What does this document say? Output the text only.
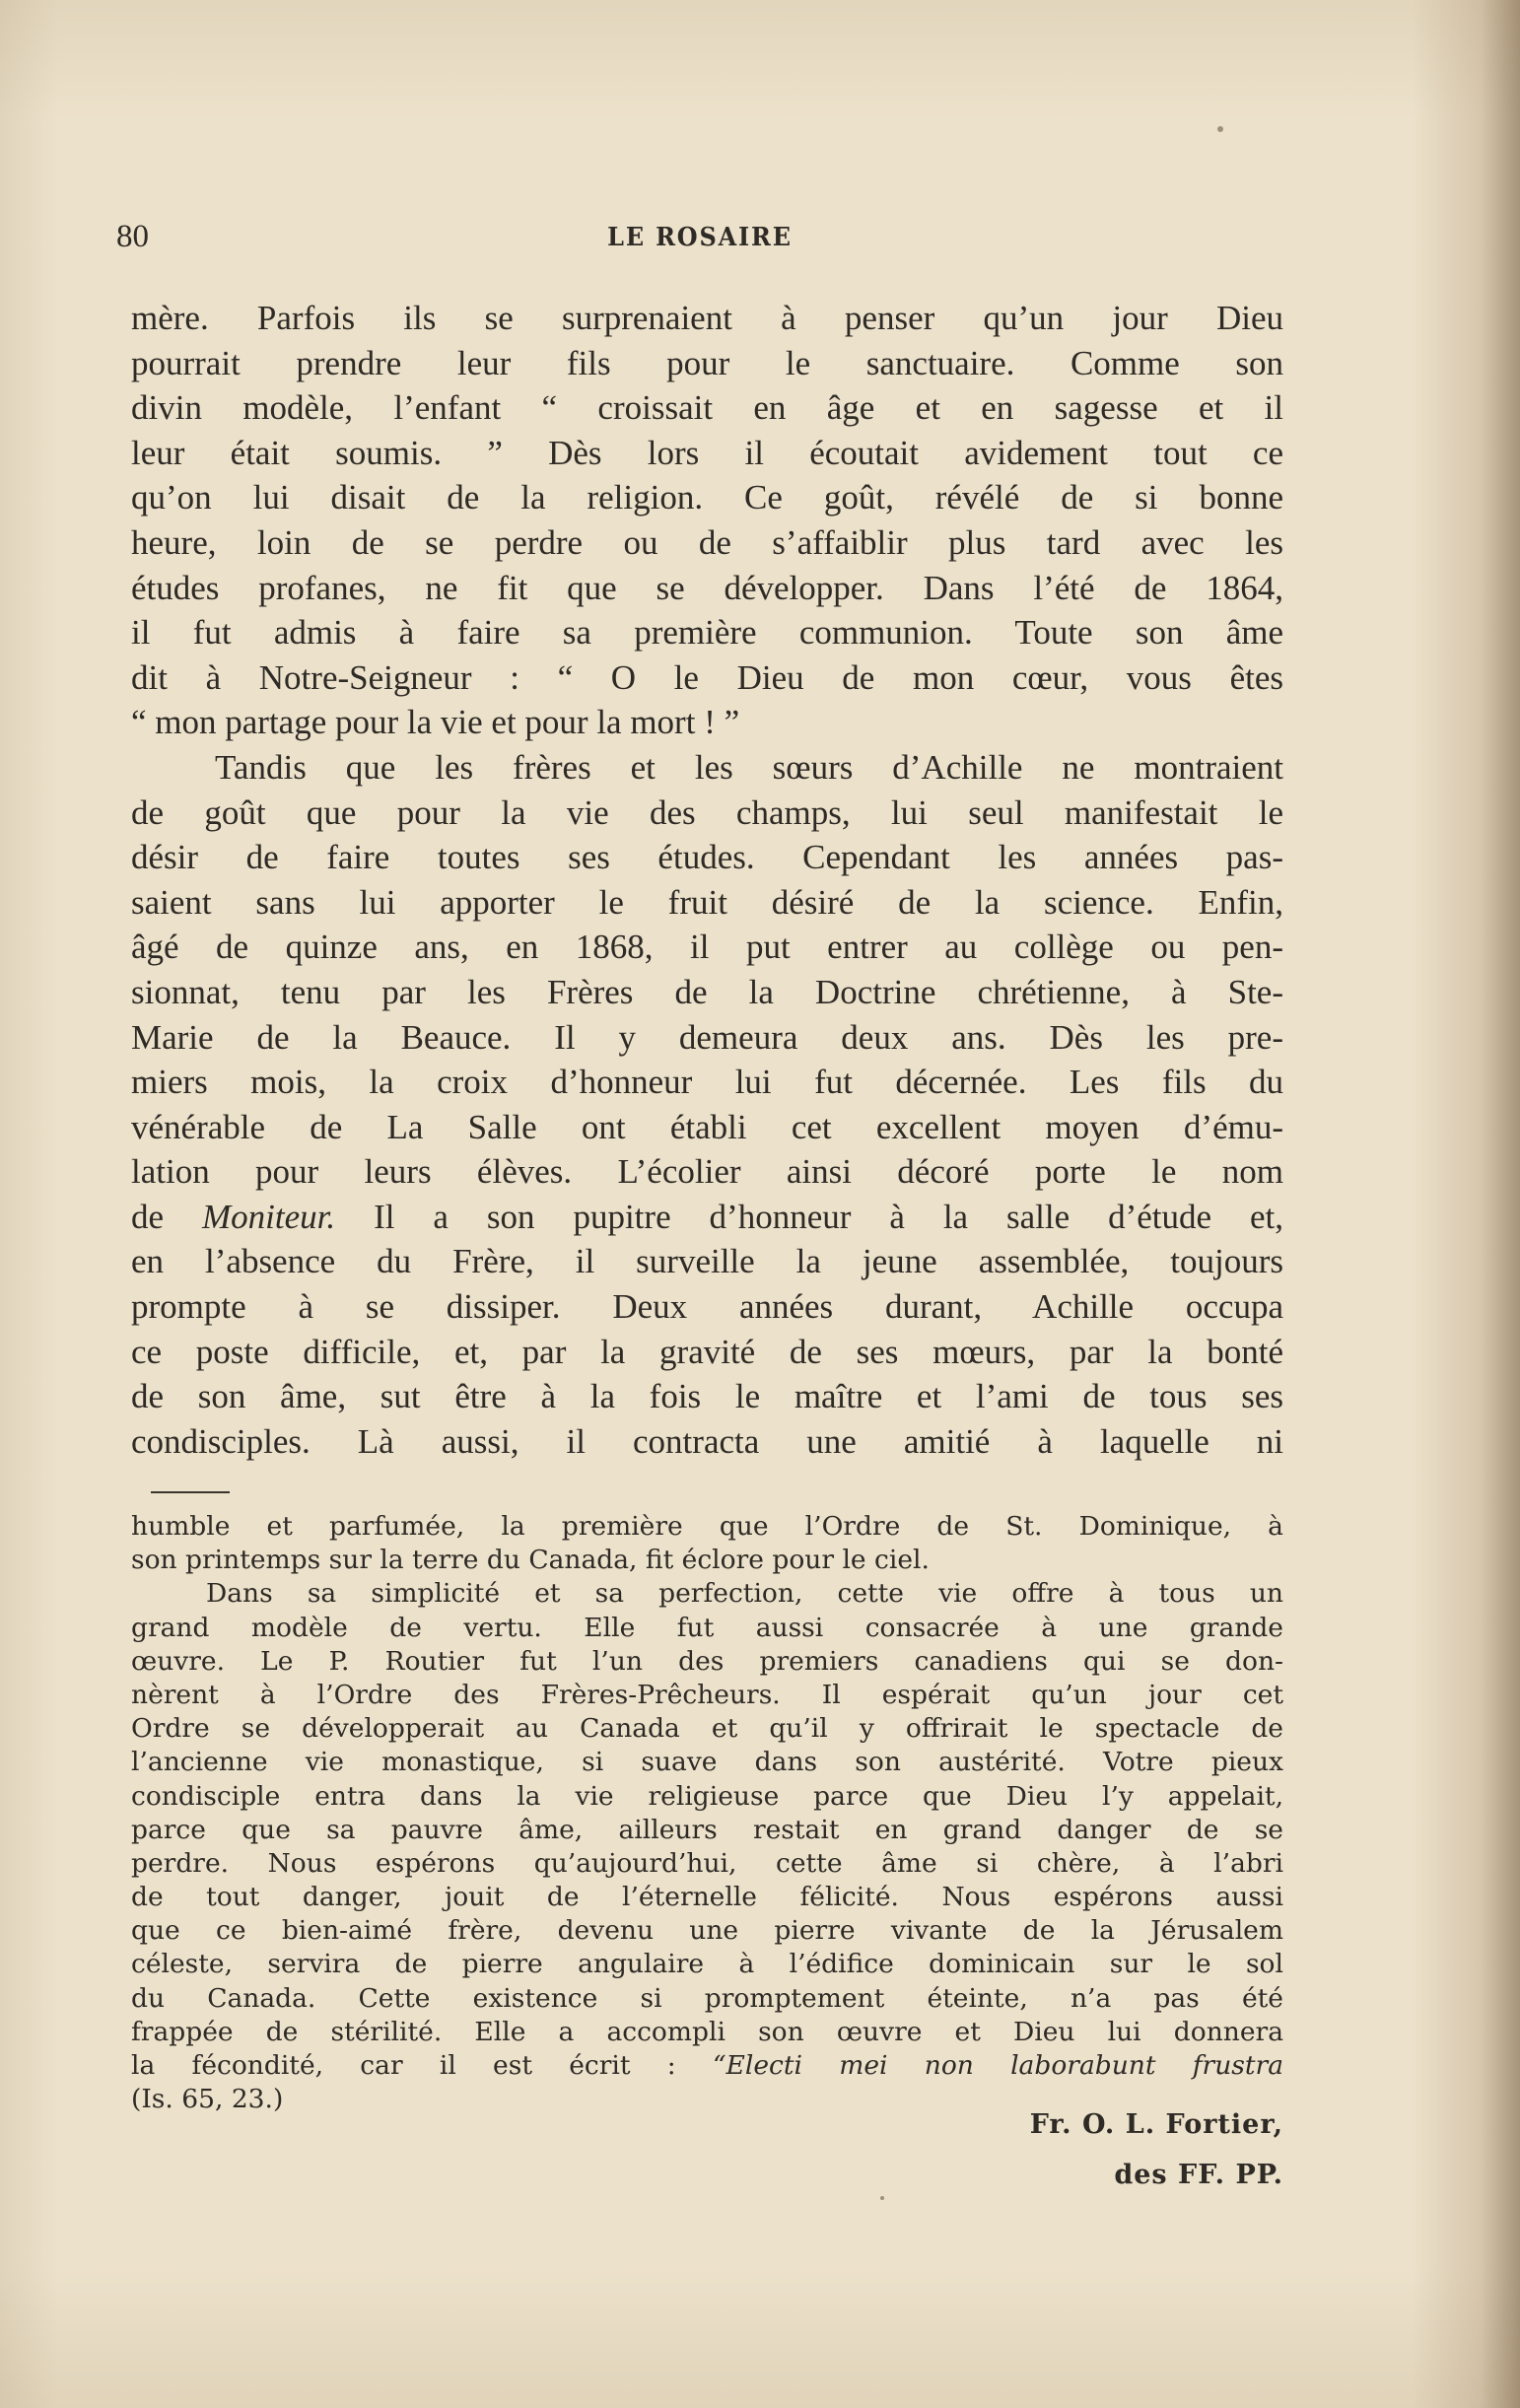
80	LE ROSAIRE
mère. Parfois ils se surprenaient à penser qu’un jour Dieu
pourrait prendre leur fils pour le sanctuaire. Comme son
divin modèle, l’enfant “ croissait en âge et en sagesse et il
leur était soumis. ” Dès lors il écoutait avidement tout ce
qu’on lui disait de la religion. Ce goût, révélé de si bonne
heure, loin de se perdre ou de s’affaiblir plus tard avec les
études profanes, ne fit que se développer. Dans l’été de 1864,
il fut admis à faire sa première communion. Toute son âme
dit à Notre-Seigneur : “ O le Dieu de mon cœur, vous êtes
“ mon partage pour la vie et pour la mort ! ”
Tandis que les frères et les sœurs d’Achille ne montraient
de goût que pour la vie des champs, lui seul manifestait le
désir de faire toutes ses études. Cependant les années pas-
saient sans lui apporter le fruit désiré de la science. Enfin,
âgé de quinze ans, en 1868, il put entrer au collège ou pen-
sionnat, tenu par les Frères de la Doctrine chrétienne, à Ste-
Marie de la Beauce. Il y demeura deux ans. Dès les pre-
miers mois, la croix d’honneur lui fut décernée. Les fils du
vénérable de La Salle ont établi cet excellent moyen d’ému-
lation pour leurs élèves. L’écolier ainsi décoré porte le nom
de Moniteur. Il a son pupitre d’honneur à la salle d’étude et,
en l’absence du Frère, il surveille la jeune assemblée, toujours
prompte à se dissiper. Deux années durant, Achille occupa
ce poste difficile, et, par la gravité de ses mœurs, par la bonté
de son âme, sut être à la fois le maître et l’ami de tous ses
condisciples. Là aussi, il contracta une amitié à laquelle ni
humble et parfumée, la première que l’Ordre de St. Dominique, à
son printemps sur la terre du Canada, fit éclore pour le ciel.
Dans sa simplicité et sa perfection, cette vie offre à tous un
grand modèle de vertu. Elle fut aussi consacrée à une grande
œuvre. Le P. Routier fut l’un des premiers canadiens qui se don-
nèrent à l’Ordre des Frères-Prêcheurs. Il espérait qu’un jour cet
Ordre se développerait au Canada et qu’il y offrirait le spectacle de
l’ancienne vie monastique, si suave dans son austérité. Votre pieux
condisciple entra dans la vie religieuse parce que Dieu l’y appelait,
parce que sa pauvre âme, ailleurs restait en grand danger de se
perdre. Nous espérons qu’aujourd’hui, cette âme si chère, à l’abri
de tout danger, jouit de l’éternelle félicité. Nous espérons aussi
que ce bien-aimé frère, devenu une pierre vivante de la Jérusalem
céleste, servira de pierre angulaire à l’édifice dominicain sur le sol
du Canada. Cette existence si promptement éteinte, n’a pas été
frappée de stérilité. Elle a accompli son œuvre et Dieu lui donnera
la fécondité, car il est écrit : “Electi mei non laborabunt frustra
(Is. 65, 23.)
Fr. O. L. Fortier,
des FF. PP.
